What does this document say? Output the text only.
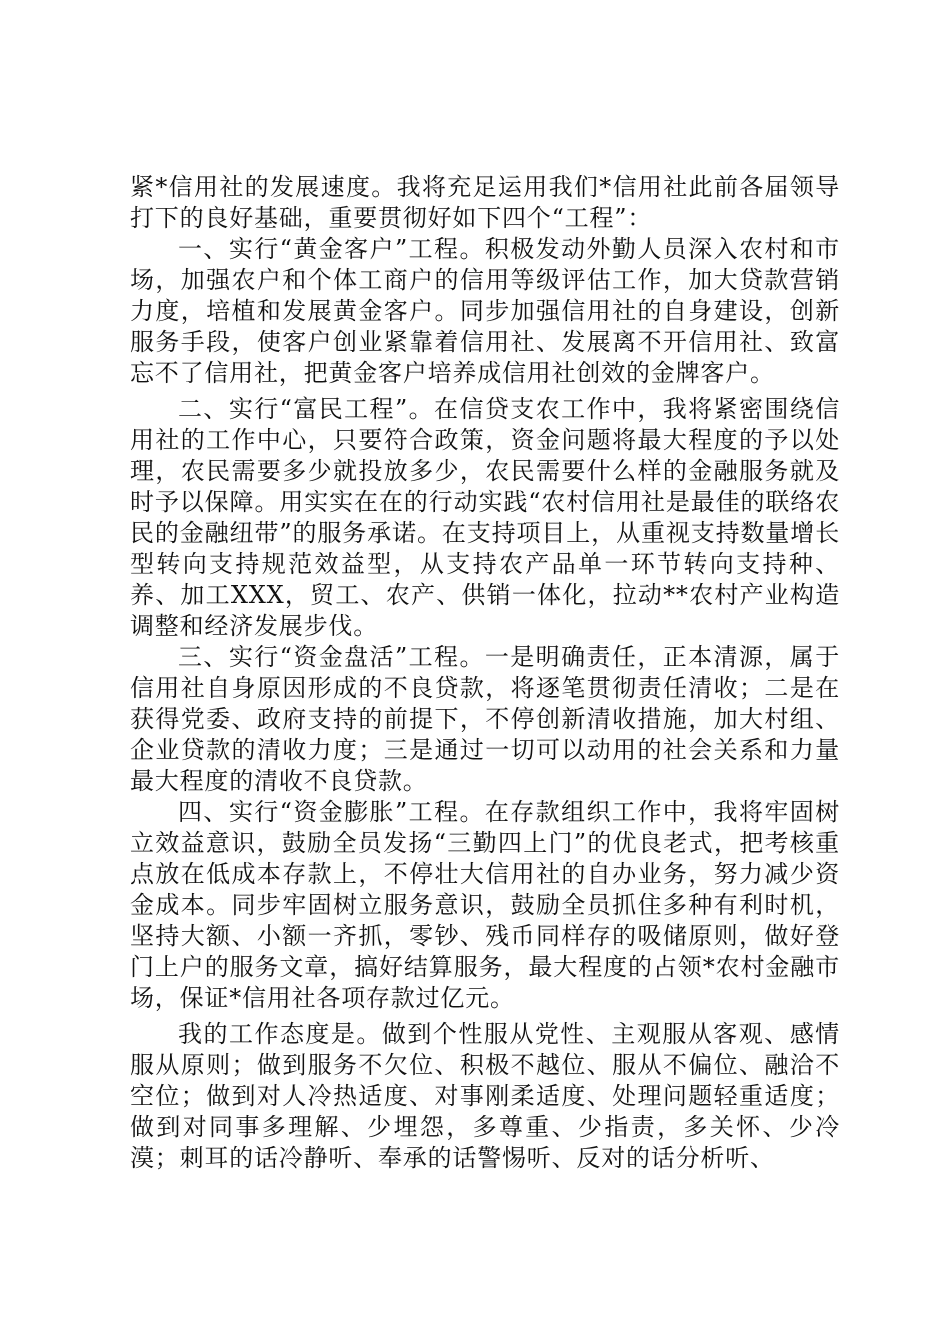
紧*信用社的发展速度。我将充足运用我们*信用社此前各届领导打下的良好基础，重要贯彻好如下四个“工程”：

一、实行“黄金客户”工程。积极发动外勤人员深入农村和市场，加强农户和个体工商户的信用等级评估工作，加大贷款营销力度，培植和发展黄金客户。同步加强信用社的自身建设，创新服务手段，使客户创业紧靠着信用社、发展离不开信用社、致富忘不了信用社，把黄金客户培养成信用社创效的金牌客户。

二、实行“富民工程”。在信贷支农工作中，我将紧密围绕信用社的工作中心，只要符合政策，资金问题将最大程度的予以处理，农民需要多少就投放多少，农民需要什么样的金融服务就及时予以保障。用实实在在的行动实践“农村信用社是最佳的联络农民的金融纽带”的服务承诺。在支持项目上，从重视支持数量增长型转向支持规范效益型，从支持农产品单一环节转向支持种、养、加工XXX，贸工、农产、供销一体化，拉动**农村产业构造调整和经济发展步伐。

三、实行“资金盘活”工程。一是明确责任，正本清源，属于信用社自身原因形成的不良贷款，将逐笔贯彻责任清收；二是在获得党委、政府支持的前提下，不停创新清收措施，加大村组、企业贷款的清收力度；三是通过一切可以动用的社会关系和力量最大程度的清收不良贷款。

四、实行“资金膨胀”工程。在存款组织工作中，我将牢固树立效益意识，鼓励全员发扬“三勤四上门”的优良老式，把考核重点放在低成本存款上，不停壮大信用社的自办业务，努力减少资金成本。同步牢固树立服务意识，鼓励全员抓住多种有利时机，坚持大额、小额一齐抓，零钞、残币同样存的吸储原则，做好登门上户的服务文章，搞好结算服务，最大程度的占领*农村金融市场，保证*信用社各项存款过亿元。

我的工作态度是。做到个性服从党性、主观服从客观、感情服从原则；做到服务不欠位、积极不越位、服从不偏位、融洽不空位；做到对人冷热适度、对事刚柔适度、处理问题轻重适度；做到对同事多理解、少埋怨，多尊重、少指责，多关怀、少冷漠；刺耳的话冷静听、奉承的话警惕听、反对的话分析听、
